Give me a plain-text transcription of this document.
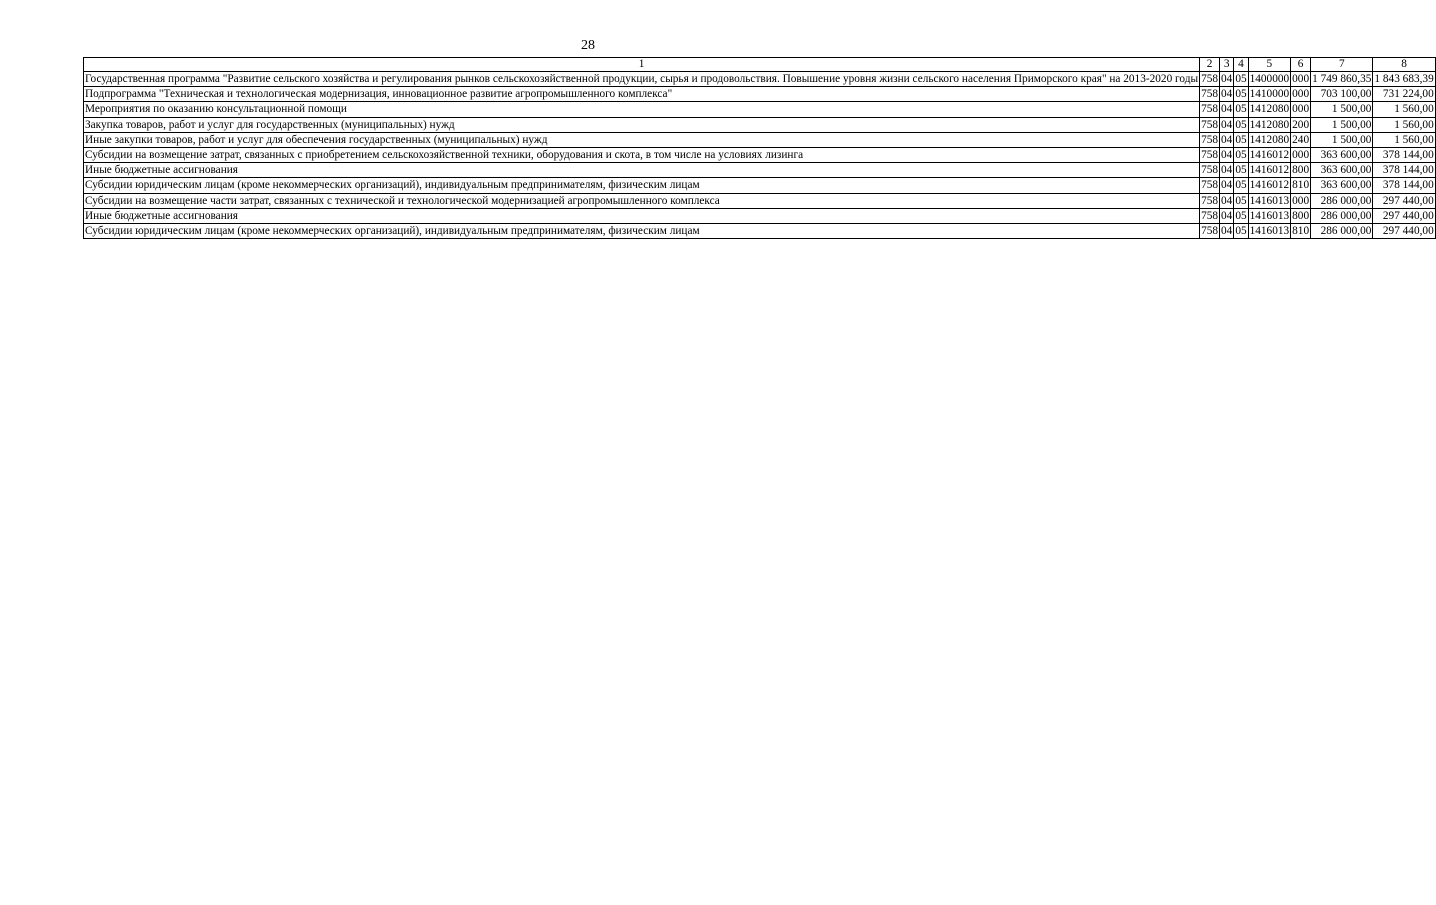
28
1	2	3	4	5	6	7	8
Государственная программа "Развитие сельского хозяйства и регулирования рынков сельскохозяйственной продукции, сырья и продовольствия. Повышение уровня жизни сельского населения Приморского края" на 2013-2020 годы	758	04	05	1400000	000	1 749 860,35	1 843 683,39
Подпрограмма "Техническая и технологическая модернизация, инновационное развитие агропромышленного комплекса"	758	04	05	1410000	000	703 100,00	731 224,00
Мероприятия по оказанию консультационной помощи	758	04	05	1412080	000	1 500,00	1 560,00
Закупка товаров, работ и услуг для государственных (муниципальных) нужд	758	04	05	1412080	200	1 500,00	1 560,00
Иные закупки товаров, работ и услуг для обеспечения государственных (муниципальных) нужд	758	04	05	1412080	240	1 500,00	1 560,00
Субсидии на возмещение затрат, связанных с приобретением сельскохозяйственной техники, оборудования и скота, в том числе на условиях лизинга	758	04	05	1416012	000	363 600,00	378 144,00
Иные бюджетные ассигнования	758	04	05	1416012	800	363 600,00	378 144,00
Субсидии юридическим лицам (кроме некоммерческих организаций), индивидуальным предпринимателям, физическим лицам	758	04	05	1416012	810	363 600,00	378 144,00
Субсидии на возмещение части затрат, связанных с технической и технологической модернизацией агропромышленного комплекса	758	04	05	1416013	000	286 000,00	297 440,00
Иные бюджетные ассигнования	758	04	05	1416013	800	286 000,00	297 440,00
Субсидии юридическим лицам (кроме некоммерческих организаций), индивидуальным предпринимателям, физическим лицам	758	04	05	1416013	810	286 000,00	297 440,00
